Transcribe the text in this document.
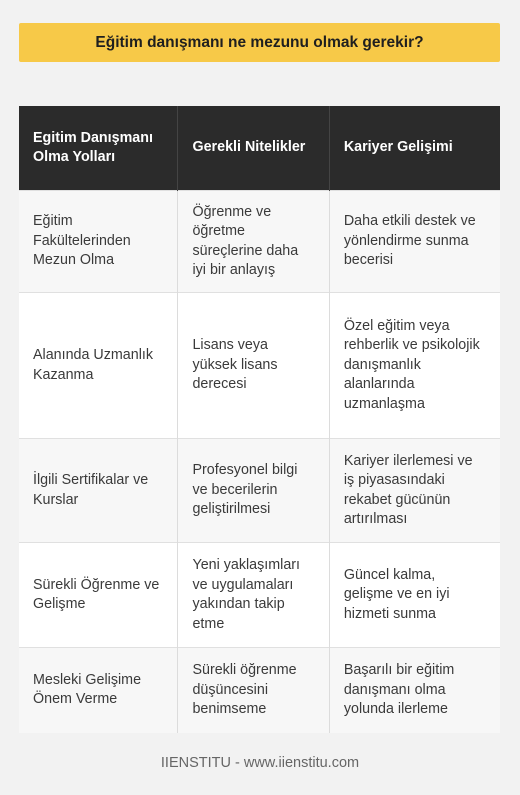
Eğitim danışmanı ne mezunu olmak gerekir?
Egitim Danışmanı Olma Yolları	Gerekli Nitelikler	Kariyer Gelişimi
Eğitim Fakültelerinden Mezun Olma	Öğrenme ve öğretme süreçlerine daha iyi bir anlayış	Daha etkili destek ve yönlendirme sunma becerisi
Alanında Uzmanlık Kazanma	Lisans veya yüksek lisans derecesi	Özel eğitim veya rehberlik ve psikolojik danışmanlık alanlarında uzmanlaşma
İlgili Sertifikalar ve Kurslar	Profesyonel bilgi ve becerilerin geliştirilmesi	Kariyer ilerlemesi ve iş piyasasındaki rekabet gücünün artırılması
Sürekli Öğrenme ve Gelişme	Yeni yaklaşımları ve uygulamaları yakından takip etme	Güncel kalma, gelişme ve en iyi hizmeti sunma
Mesleki Gelişime Önem Verme	Sürekli öğrenme düşüncesini benimseme	Başarılı bir eğitim danışmanı olma yolunda ilerleme
IIENSTITU - www.iienstitu.com
